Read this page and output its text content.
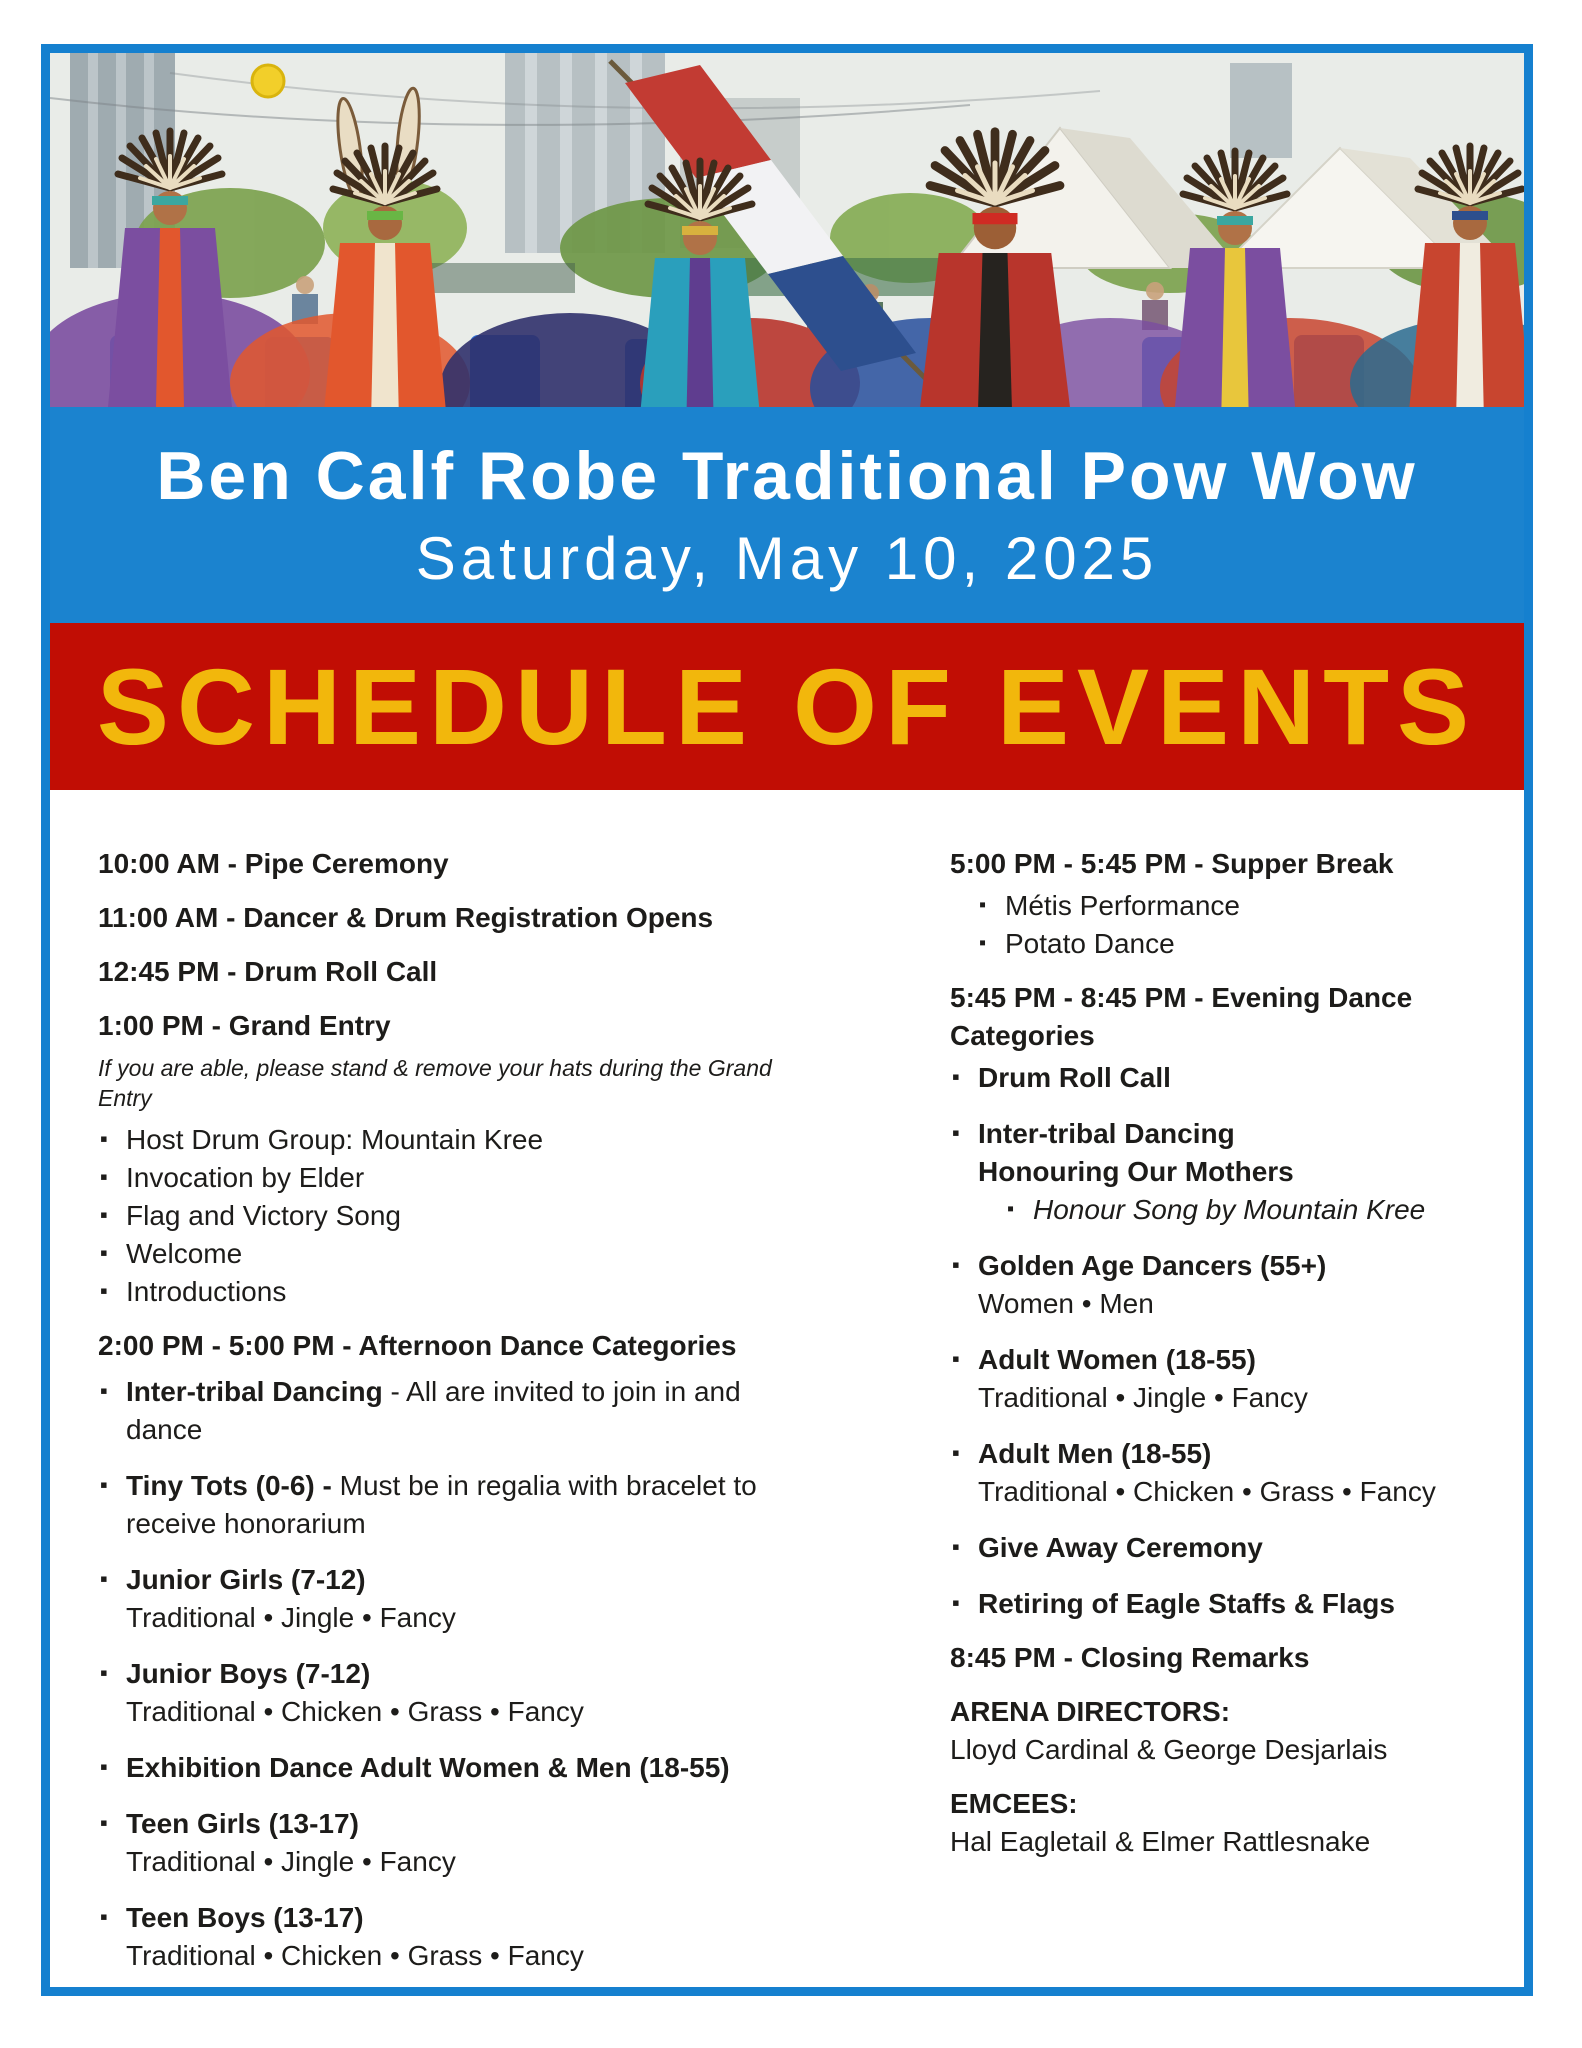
Ben Calf Robe Traditional Pow Wow
Saturday, May 10, 2025
SCHEDULE OF EVENTS
10:00 AM - Pipe Ceremony
11:00 AM - Dancer & Drum Registration Opens
12:45 PM - Drum Roll Call
1:00 PM - Grand Entry
If you are able, please stand & remove your hats during the Grand Entry
▪ Host Drum Group: Mountain Kree
▪ Invocation by Elder
▪ Flag and Victory Song
▪ Welcome
▪ Introductions
2:00 PM - 5:00 PM - Afternoon Dance Categories
▪ Inter-tribal Dancing - All are invited to join in and dance
▪ Tiny Tots (0-6) - Must be in regalia with bracelet to receive honorarium
▪ Junior Girls (7-12)
Traditional • Jingle • Fancy
▪ Junior Boys (7-12)
Traditional • Chicken • Grass • Fancy
▪ Exhibition Dance Adult Women & Men (18-55)
▪ Teen Girls (13-17)
Traditional • Jingle • Fancy
▪ Teen Boys (13-17)
Traditional • Chicken • Grass • Fancy
5:00 PM - 5:45 PM - Supper Break
▪ Métis Performance
▪ Potato Dance
5:45 PM - 8:45 PM - Evening Dance Categories
▪ Drum Roll Call
▪ Inter-tribal Dancing
Honouring Our Mothers
▪ Honour Song by Mountain Kree
▪ Golden Age Dancers (55+)
Women • Men
▪ Adult Women (18-55)
Traditional • Jingle • Fancy
▪ Adult Men (18-55)
Traditional • Chicken • Grass • Fancy
▪ Give Away Ceremony
▪ Retiring of Eagle Staffs & Flags
8:45 PM - Closing Remarks
ARENA DIRECTORS:
Lloyd Cardinal & George Desjarlais
EMCEES:
Hal Eagletail & Elmer Rattlesnake
